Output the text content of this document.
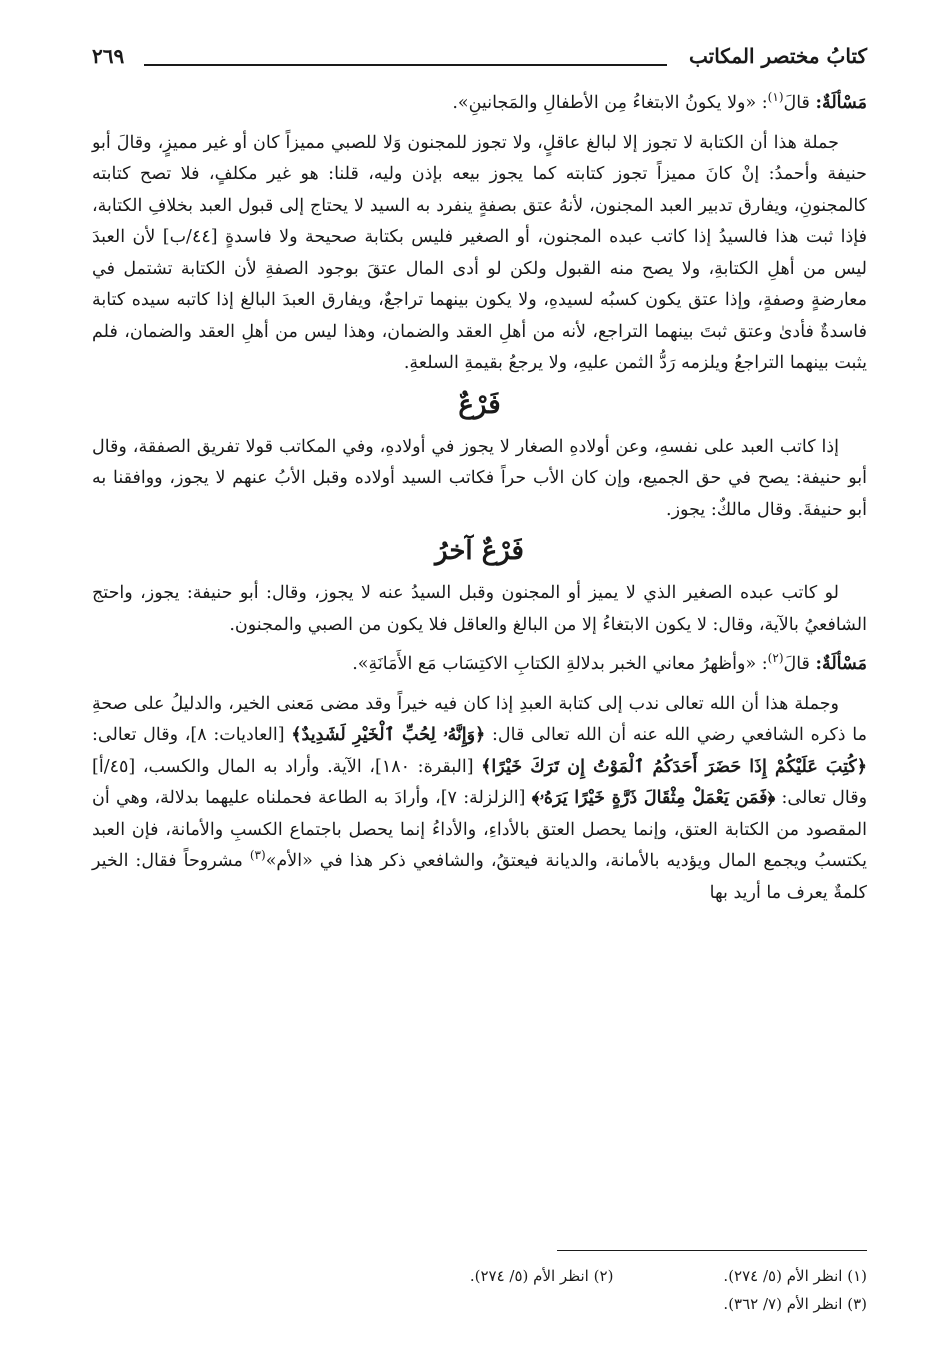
كتابُ مختصر المكاتب
٢٦٩

مَسْألَةٌ: قالَ$^{(١)}$: «ولا يكونُ الابتغاءُ مِن الأطفالِ والمَجانينِ».

جملة هذا أن الكتابة لا تجوز إلا لبالغ عاقلٍ، ولا تجوز للمجنون وَلا للصبي مميزاً كان أو غير مميزٍ، وقالَ أبو حنيفة وأحمدُ: إنْ كانَ مميزاً تجوز كتابته كما يجوز بيعه بإذن وليه، قلنا: هو غير مكلفٍ، فلا تصح كتابته كالمجنونِ، ويفارق تدبير العبد المجنون، لأنهُ عتق بصفةٍ ينفرد به السيد لا يحتاج إلى قبول العبد بخلافِ الكتابة، فإذا ثبت هذا فالسيدُ إذا كاتب عبده المجنون، أو الصغير فليس بكتابة صحيحة ولا فاسدةٍ [٤٤/ب] لأن العبدَ ليس من أهلِ الكتابةِ، ولا يصح منه القبول ولكن لو أدى المال عتقَ بوجود الصفةِ لأن الكتابة تشتمل في معارضةٍ وصفةٍ، وإذا عتق يكون كسبُه لسيدهِ، ولا يكون بينهما تراجعٌ، ويفارق العبدَ البالغ إذا كاتبه سيده كتابة فاسدةٌ فأدىٰ وعتق ثبتَ بينهما التراجع، لأنه من أهلِ العقد والضمان، وهذا ليس من أهلِ العقد والضمان، فلم يثبت بينهما التراجعُ ويلزمه رَدُّ الثمن عليهِ، ولا يرجعُ بقيمةِ السلعةِ.

فَرْعٌ

إذا كاتب العبد على نفسهِ، وعن أولادهِ الصغار لا يجوز في أولادهِ، وفي المكاتب قولا تفريق الصفقة، وقال أبو حنيفة: يصح في حق الجميع، وإن كان الأب حراً فكاتب السيد أولاده وقبل الأبُ عنهم لا يجوز، ووافقنا به أبو حنيفةَ. وقال مالكٌ: يجوز.

فَرْعٌ آخرُ

لو كاتب عبده الصغير الذي لا يميز أو المجنون وقبل السيدُ عنه لا يجوز، وقال: أبو حنيفة: يجوز، واحتج الشافعيُ بالآية، وقال: لا يكون الابتغاءُ إلا من البالغ والعاقل فلا يكون من الصبي والمجنون.

مَسْألَةٌ: قالَ$^{(٢)}$: «وأظهرُ معاني الخبر بدلالةِ الكتابِ الاكتِسَاب مَع الأَمَانَةِ».

وجملة هذا أن الله تعالى ندب إلى كتابة العبدِ إذا كان فيه خيراً وقد مضى مَعنى الخير، والدليلُ على صحةِ ما ذكره الشافعي رضي الله عنه أن الله تعالى قال: ﴿وَإِنَّهُۥ لِحُبِّ ٱلْخَيْرِ لَشَدِيدٌ﴾ [العاديات: ٨]، وقال تعالى: ﴿كُتِبَ عَلَيْكُمْ إِذَا حَضَرَ أَحَدَكُمُ ٱلْمَوْتُ إِن تَرَكَ خَيْرًا﴾ [البقرة: ١٨٠]، الآية. وأراد به المال والكسب، [٤٥/أ] وقال تعالى: ﴿فَمَن يَعْمَلْ مِثْقَالَ ذَرَّةٍ خَيْرًا يَرَهُۥ﴾ [الزلزلة: ٧]، وأرادَ به الطاعة فحملناه عليهما بدلالة، وهي أن المقصود من الكتابة العتق، وإنما يحصل العتق بالأداءِ، والأداءُ إنما يحصل باجتماع الكسبِ والأمانة، فإن العبد يكتسبُ ويجمع المال ويؤديه بالأمانة، والديانة فيعتقُ، والشافعي ذكر هذا في «الأم»$^{(٣)}$ مشروحاً فقال: الخير كلمةٌ يعرف ما أريد بها

(١) انظر الأم (٥/ ٢٧٤).
(٢) انظر الأم (٥/ ٢٧٤).
(٣) انظر الأم (٧/ ٣٦٢).
